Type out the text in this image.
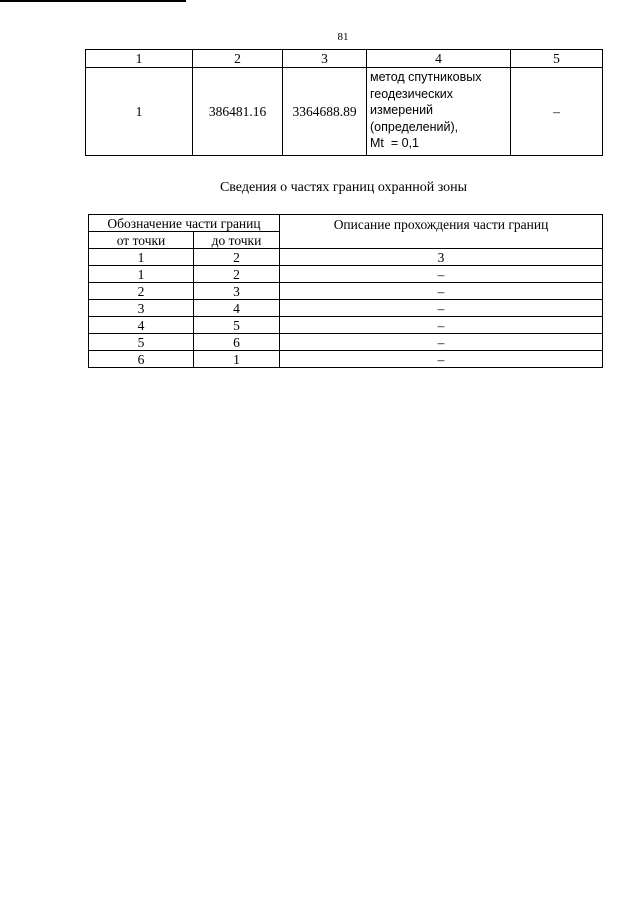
81
1	2	3	4	5
1	386481.16	3364688.89	метод спутниковых
геодезических
измерений
(определений),
Mt  = 0,1	–
Сведения о частях границ охранной зоны
Обозначение части границ		Описание прохождения части границ
от точки	до точки	
1	2	3
1	2	–
2	3	–
3	4	–
4	5	–
5	6	–
6	1	–
